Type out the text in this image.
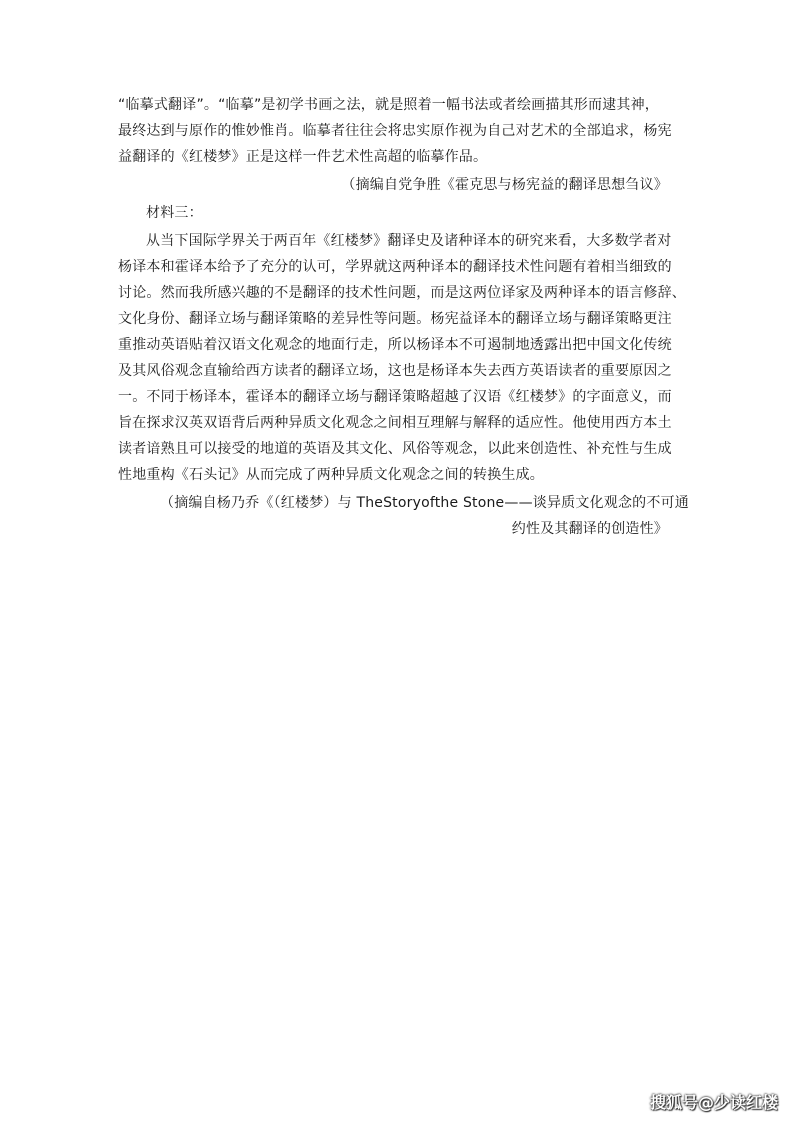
“临摹式翻译”。“临摹”是初学书画之法，就是照着一幅书法或者绘画描其形而逮其神，
最终达到与原作的惟妙惟肖。临摹者往往会将忠实原作视为自己对艺术的全部追求，杨宪
益翻译的《红楼梦》正是这样一件艺术性高超的临摹作品。
（摘编自党争胜《霍克思与杨宪益的翻译思想刍议》
材料三：
从当下国际学界关于两百年《红楼梦》翻译史及诸种译本的研究来看，大多数学者对
杨译本和霍译本给予了充分的认可，学界就这两种译本的翻译技术性问题有着相当细致的
讨论。然而我所感兴趣的不是翻译的技术性问题，而是这两位译家及两种译本的语言修辞、
文化身份、翻译立场与翻译策略的差异性等问题。杨宪益译本的翻译立场与翻译策略更注
重推动英语贴着汉语文化观念的地面行走，所以杨译本不可遏制地透露出把中国文化传统
及其风俗观念直输给西方读者的翻译立场，这也是杨译本失去西方英语读者的重要原因之
一。不同于杨译本，霍译本的翻译立场与翻译策略超越了汉语《红楼梦》的字面意义，而
旨在探求汉英双语背后两种异质文化观念之间相互理解与解释的适应性。他使用西方本土
读者谙熟且可以接受的地道的英语及其文化、风俗等观念，以此来创造性、补充性与生成
性地重构《石头记》从而完成了两种异质文化观念之间的转换生成。
（摘编自杨乃乔《（红楼梦）与 TheStoryofthe Stone——谈异质文化观念的不可通
约性及其翻译的创造性》
搜狐号@少读红楼
